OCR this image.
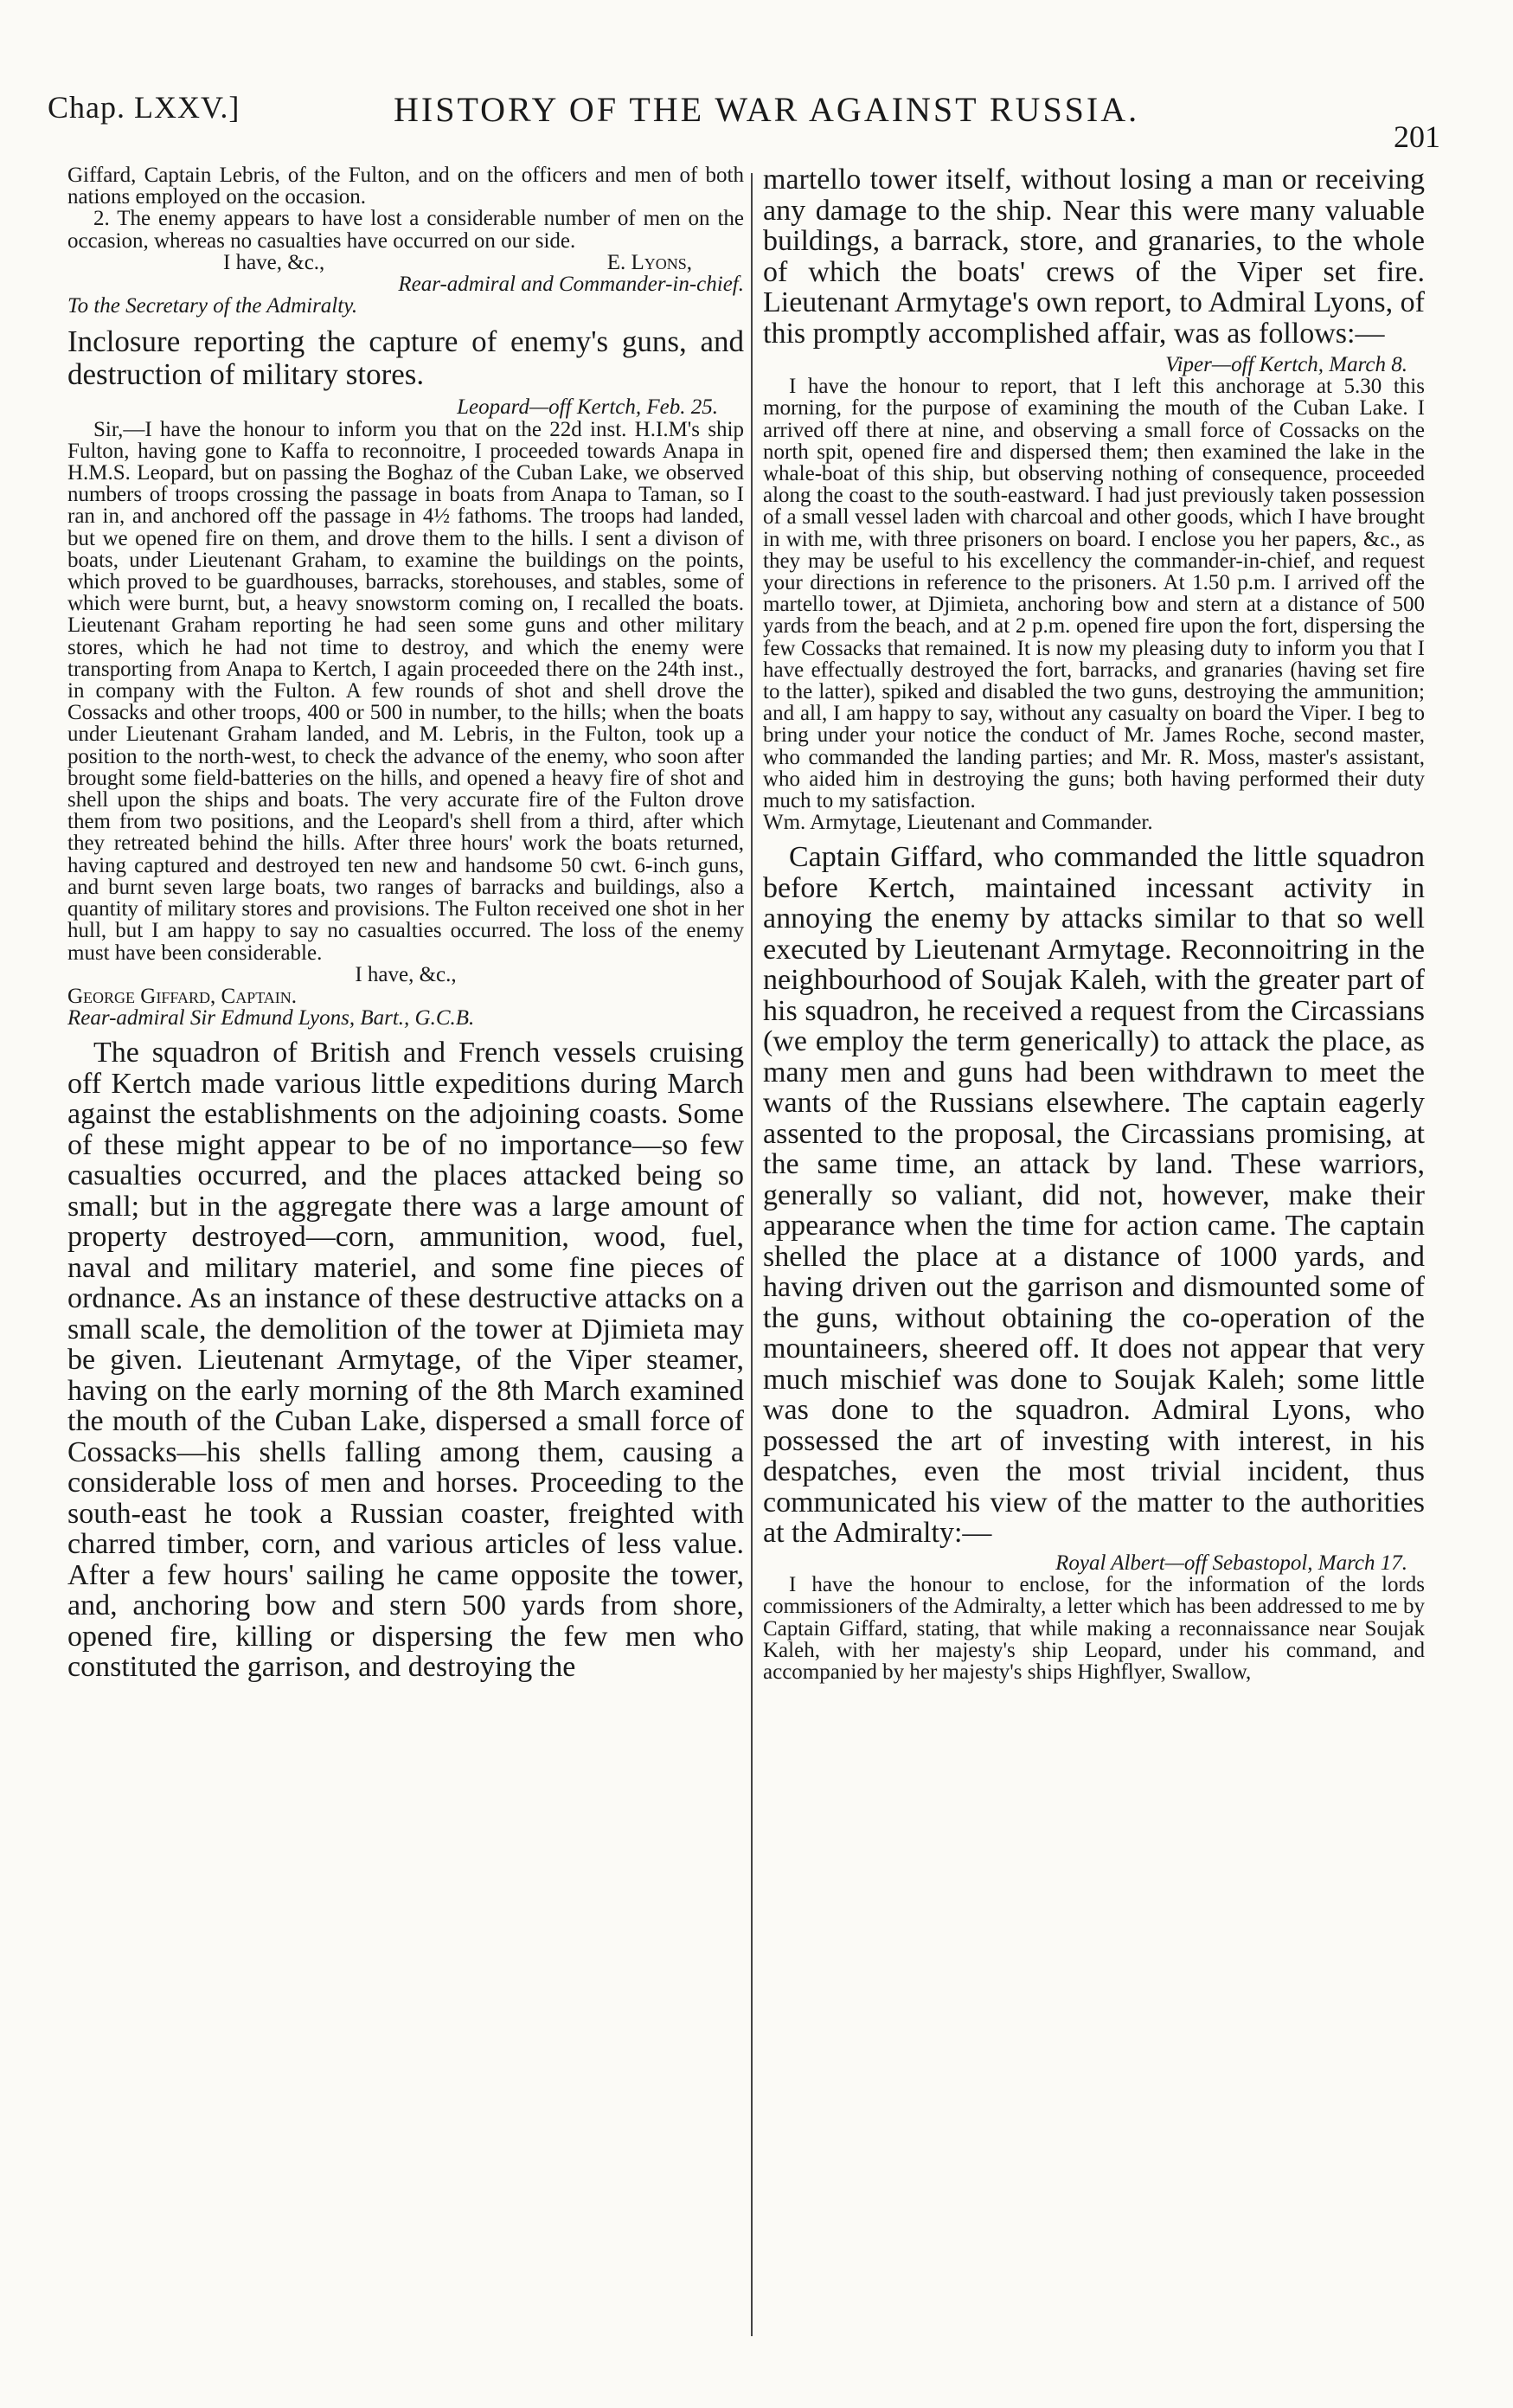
Chap. LXXV.]	HISTORY OF THE WAR AGAINST RUSSIA.
201

Giffard, Captain Lebris, of the Fulton, and on the officers and men of both nations employed on the occasion.

2. The enemy appears to have lost a considerable number of men on the occasion, whereas no casualties have occurred on our side.

I have, &c.,	E. Lyons,
Rear-admiral and Commander-in-chief.
To the Secretary of the Admiralty.

Inclosure reporting the capture of enemy's guns, and destruction of military stores.

Leopard—off Kertch, Feb. 25.

Sir,—I have the honour to inform you that on the 22d inst. H.I.M's ship Fulton, having gone to Kaffa to reconnoitre, I proceeded towards Anapa in H.M.S. Leopard, but on passing the Boghaz of the Cuban Lake, we observed numbers of troops crossing the passage in boats from Anapa to Taman, so I ran in, and anchored off the passage in 4½ fathoms. The troops had landed, but we opened fire on them, and drove them to the hills. I sent a divison of boats, under Lieutenant Graham, to examine the buildings on the points, which proved to be guardhouses, barracks, storehouses, and stables, some of which were burnt, but, a heavy snowstorm coming on, I recalled the boats. Lieutenant Graham reporting he had seen some guns and other military stores, which he had not time to destroy, and which the enemy were transporting from Anapa to Kertch, I again proceeded there on the 24th inst., in company with the Fulton. A few rounds of shot and shell drove the Cossacks and other troops, 400 or 500 in number, to the hills; when the boats under Lieutenant Graham landed, and M. Lebris, in the Fulton, took up a position to the north-west, to check the advance of the enemy, who soon after brought some field-batteries on the hills, and opened a heavy fire of shot and shell upon the ships and boats. The very accurate fire of the Fulton drove them from two positions, and the Leopard's shell from a third, after which they retreated behind the hills. After three hours' work the boats returned, having captured and destroyed ten new and handsome 50 cwt. 6-inch guns, and burnt seven large boats, two ranges of barracks and buildings, also a quantity of military stores and provisions. The Fulton received one shot in her hull, but I am happy to say no casualties occurred. The loss of the enemy must have been considerable.

I have, &c.,
George Giffard, Captain.
Rear-admiral Sir Edmund Lyons, Bart., G.C.B.

The squadron of British and French vessels cruising off Kertch made various little expeditions during March against the establishments on the adjoining coasts. Some of these might appear to be of no importance—so few casualties occurred, and the places attacked being so small; but in the aggregate there was a large amount of property destroyed—corn, ammunition, wood, fuel, naval and military materiel, and some fine pieces of ordnance. As an instance of these destructive attacks on a small scale, the demolition of the tower at Djimieta may be given. Lieutenant Armytage, of the Viper steamer, having on the early morning of the 8th March examined the mouth of the Cuban Lake, dispersed a small force of Cossacks—his shells falling among them, causing a considerable loss of men and horses. Proceeding to the south-east he took a Russian coaster, freighted with charred timber, corn, and various articles of less value. After a few hours' sailing he came opposite the tower, and, anchoring bow and stern 500 yards from shore, opened fire, killing or dispersing the few men who constituted the garrison, and destroying the

martello tower itself, without losing a man or receiving any damage to the ship. Near this were many valuable buildings, a barrack, store, and granaries, to the whole of which the boats' crews of the Viper set fire. Lieutenant Armytage's own report, to Admiral Lyons, of this promptly accomplished affair, was as follows:—

Viper—off Kertch, March 8.

I have the honour to report, that I left this anchorage at 5.30 this morning, for the purpose of examining the mouth of the Cuban Lake. I arrived off there at nine, and observing a small force of Cossacks on the north spit, opened fire and dispersed them; then examined the lake in the whale-boat of this ship, but observing nothing of consequence, proceeded along the coast to the south-eastward. I had just previously taken possession of a small vessel laden with charcoal and other goods, which I have brought in with me, with three prisoners on board. I enclose you her papers, &c., as they may be useful to his excellency the commander-in-chief, and request your directions in reference to the prisoners. At 1.50 p.m. I arrived off the martello tower, at Djimieta, anchoring bow and stern at a distance of 500 yards from the beach, and at 2 p.m. opened fire upon the fort, dispersing the few Cossacks that remained. It is now my pleasing duty to inform you that I have effectually destroyed the fort, barracks, and granaries (having set fire to the latter), spiked and disabled the two guns, destroying the ammunition; and all, I am happy to say, without any casualty on board the Viper. I beg to bring under your notice the conduct of Mr. James Roche, second master, who commanded the landing parties; and Mr. R. Moss, master's assistant, who aided him in destroying the guns; both having performed their duty much to my satisfaction.

Wm. Armytage, Lieutenant and Commander.

Captain Giffard, who commanded the little squadron before Kertch, maintained incessant activity in annoying the enemy by attacks similar to that so well executed by Lieutenant Armytage. Reconnoitring in the neighbourhood of Soujak Kaleh, with the greater part of his squadron, he received a request from the Circassians (we employ the term generically) to attack the place, as many men and guns had been withdrawn to meet the wants of the Russians elsewhere. The captain eagerly assented to the proposal, the Circassians promising, at the same time, an attack by land. These warriors, generally so valiant, did not, however, make their appearance when the time for action came. The captain shelled the place at a distance of 1000 yards, and having driven out the garrison and dismounted some of the guns, without obtaining the co-operation of the mountaineers, sheered off. It does not appear that very much mischief was done to Soujak Kaleh; some little was done to the squadron. Admiral Lyons, who possessed the art of investing with interest, in his despatches, even the most trivial incident, thus communicated his view of the matter to the authorities at the Admiralty:—

Royal Albert—off Sebastopol, March 17.

I have the honour to enclose, for the information of the lords commissioners of the Admiralty, a letter which has been addressed to me by Captain Giffard, stating, that while making a reconnaissance near Soujak Kaleh, with her majesty's ship Leopard, under his command, and accompanied by her majesty's ships Highflyer, Swallow,
